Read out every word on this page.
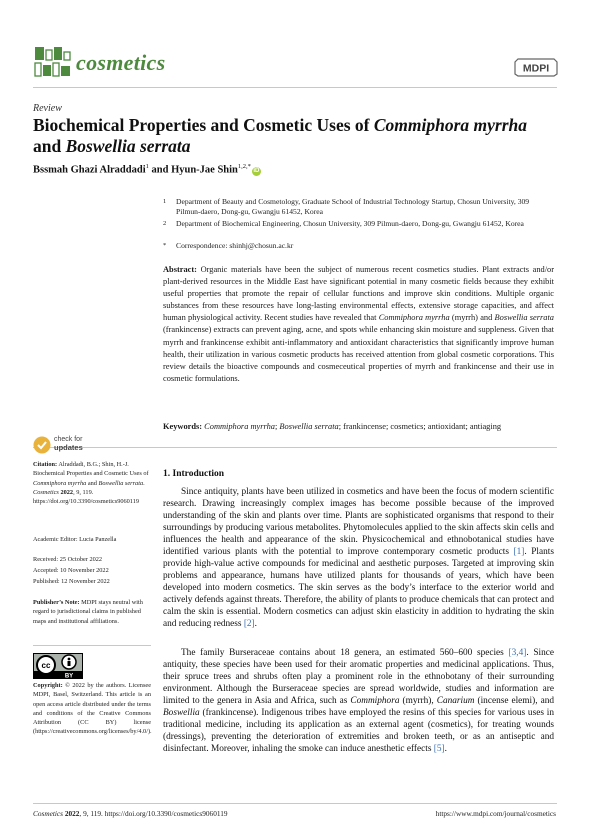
cosmetics	MDPI
Review
Biochemical Properties and Cosmetic Uses of Commiphora myrrha and Boswellia serrata
Bssmah Ghazi Alraddadi$^1$ and Hyun-Jae Shin$^{1,2,*}$iD
1 Department of Beauty and Cosmetology, Graduate School of Industrial Technology Startup, Chosun University, 309 Pilmun-daero, Dong-gu, Gwangju 61452, Korea
2 Department of Biochemical Engineering, Chosun University, 309 Pilmun-daero, Dong-gu, Gwangju 61452, Korea
* Correspondence: shinhj@chosun.ac.kr
Abstract: Organic materials have been the subject of numerous recent cosmetics studies. Plant extracts and/or plant-derived resources in the Middle East have significant potential in many cosmetic fields because they exhibit useful properties that promote the repair of cellular functions and improve skin conditions. Multiple organic substances from these resources have long-lasting environmental effects, extensive storage capacities, and affect human physiological activity. Recent studies have revealed that Commiphora myrrha (myrrh) and Boswellia serrata (frankincense) extracts can prevent aging, acne, and spots while enhancing skin moisture and suppleness. Given that myrrh and frankincense exhibit anti-inflammatory and antioxidant characteristics that significantly improve human health, their utilization in various cosmetic products has received attention from global cosmetic corporations. This review details the bioactive compounds and cosmeceutical properties of myrrh and frankincense and their use in cosmetic formulations.
Keywords: Commiphora myrrha; Boswellia serrata; frankincense; cosmetics; antioxidant; antiaging
check for
updates
Citation: Alraddadi, B.G.; Shin, H.-J. Biochemical Properties and Cosmetic Uses of Commiphora myrrha and Boswellia serrata. Cosmetics 2022, 9, 119. https://doi.org/10.3390/cosmetics9060119
Academic Editor: Lucia Panzella
Received: 25 October 2022
Accepted: 10 November 2022
Published: 12 November 2022
Publisher’s Note: MDPI stays neutral with regard to jurisdictional claims in published maps and institutional affiliations.
cc
BY
Copyright: © 2022 by the authors. Licensee MDPI, Basel, Switzerland. This article is an open access article distributed under the terms and conditions of the Creative Commons Attribution (CC BY) license (https://creativecommons.org/licenses/by/4.0/).
1. Introduction

Since antiquity, plants have been utilized in cosmetics and have been the focus of modern scientific research. Drawing increasingly complex images has become possible because of the improved understanding of the skin and plants over time. Plants are sophisticated organisms that respond to their surroundings by producing various metabolites. Phytomolecules applied to the skin affects skin cells and influences the health and appearance of the skin. Physicochemical and ethnobotanical studies have identified various plants with the potential to improve contemporary cosmetic products [1]. Plants provide high-value active compounds for medicinal and aesthetic purposes. Targeted at improving skin problems and appearance, humans have utilized plants for thousands of years, which have been developed into modern cosmetics. The skin serves as the body’s interface to the exterior world and actively defends against threats. Therefore, the ability of plants to produce chemicals that can protect and calm the skin is essential. Modern cosmetics can adjust skin elasticity in addition to hydrating the skin and reducing redness [2].

The family Burseraceae contains about 18 genera, an estimated 560–600 species [3,4]. Since antiquity, these species have been used for their aromatic properties and medicinal applications. Thus, their spruce trees and shrubs often play a prominent role in the ethnobotany of their surrounding environment. Although the Burseraceae species are spread worldwide, studies and information are limited to the genera in Asia and Africa, such as Commiphora (myrrh), Canarium (incense elemi), and Boswellia (frankincense). Indigenous tribes have employed the resins of this species for various uses in traditional medicine, including its application as an external agent (cosmetics), for treating wounds (dressings), preventing the deterioration of extremities and broken teeth, or as an antiseptic and disinfectant. Moreover, inhaling the smoke can induce anesthetic effects [5].

Cosmetics 2022, 9, 119. https://doi.org/10.3390/cosmetics9060119	https://www.mdpi.com/journal/cosmetics
